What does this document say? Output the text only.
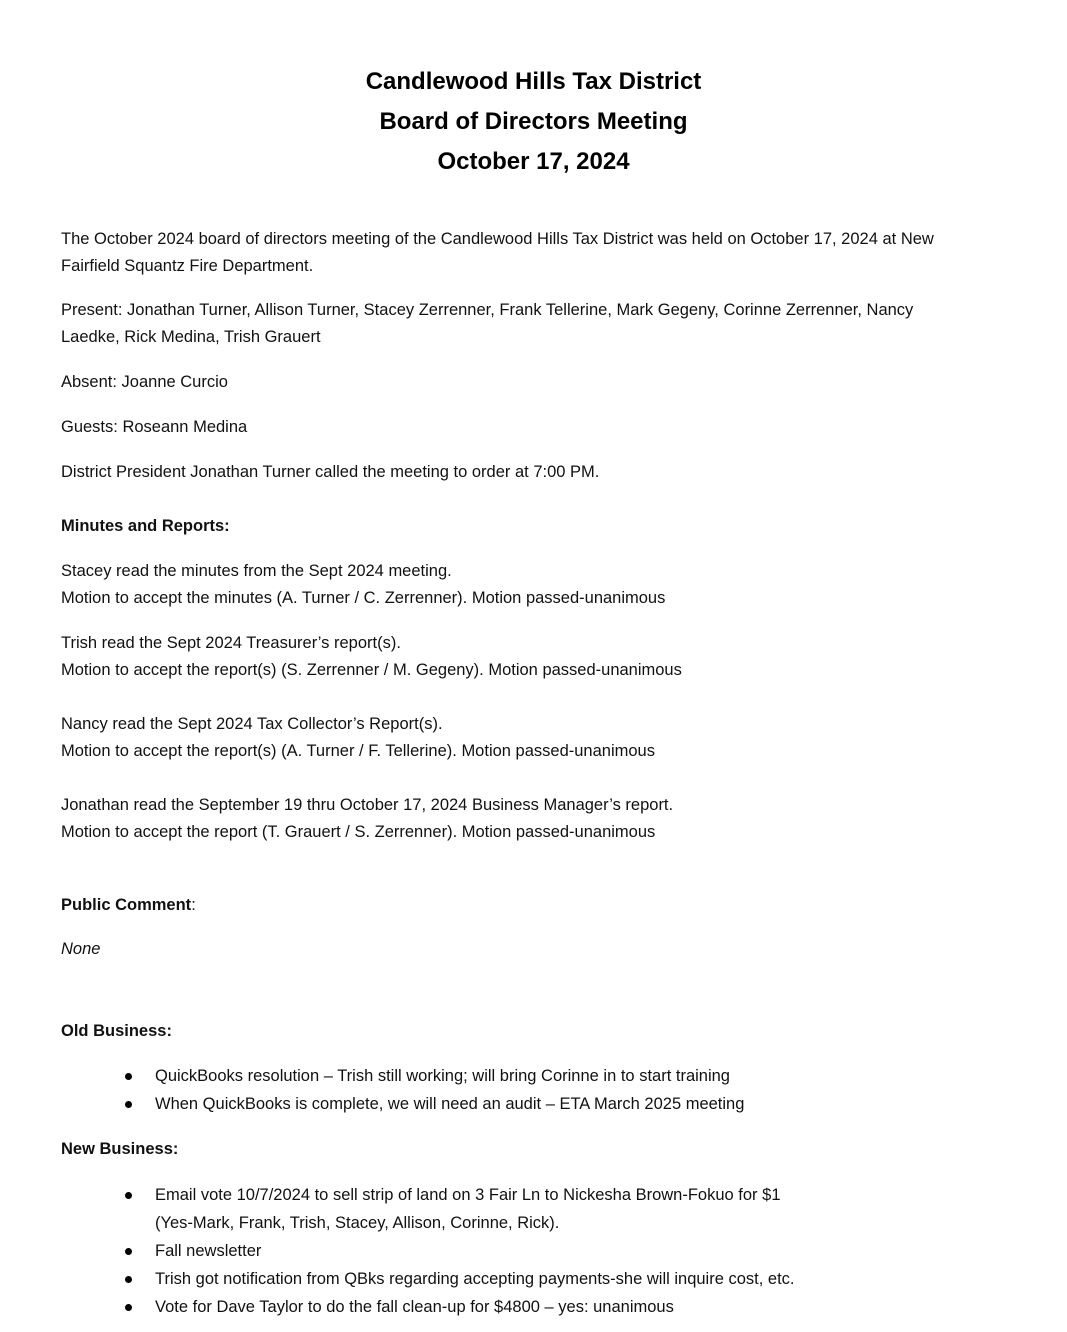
Candlewood Hills Tax District
Board of Directors Meeting
October 17, 2024
The October 2024 board of directors meeting of the Candlewood Hills Tax District was held on October 17, 2024 at New
Fairfield Squantz Fire Department.
Present: Jonathan Turner, Allison Turner, Stacey Zerrenner, Frank Tellerine, Mark Gegeny, Corinne Zerrenner, Nancy
Laedke, Rick Medina, Trish Grauert
Absent: Joanne Curcio
Guests: Roseann Medina
District President Jonathan Turner called the meeting to order at 7:00 PM.
Minutes and Reports:
Stacey read the minutes from the Sept 2024 meeting.
Motion to accept the minutes (A. Turner / C. Zerrenner). Motion passed-unanimous
Trish read the Sept 2024 Treasurer’s report(s).
Motion to accept the report(s) (S. Zerrenner / M. Gegeny). Motion passed-unanimous
Nancy read the Sept 2024 Tax Collector’s Report(s).
Motion to accept the report(s) (A. Turner / F. Tellerine). Motion passed-unanimous
Jonathan read the September 19 thru October 17, 2024 Business Manager’s report.
Motion to accept the report (T. Grauert / S. Zerrenner). Motion passed-unanimous
Public Comment:
None
Old Business:
QuickBooks resolution – Trish still working; will bring Corinne in to start training
When QuickBooks is complete, we will need an audit – ETA March 2025 meeting
New Business:
Email vote 10/7/2024 to sell strip of land on 3 Fair Ln to Nickesha Brown-Fokuo for $1
(Yes-Mark, Frank, Trish, Stacey, Allison, Corinne, Rick).
Fall newsletter
Trish got notification from QBks regarding accepting payments-she will inquire cost, etc.
Vote for Dave Taylor to do the fall clean-up for $4800 – yes: unanimous
